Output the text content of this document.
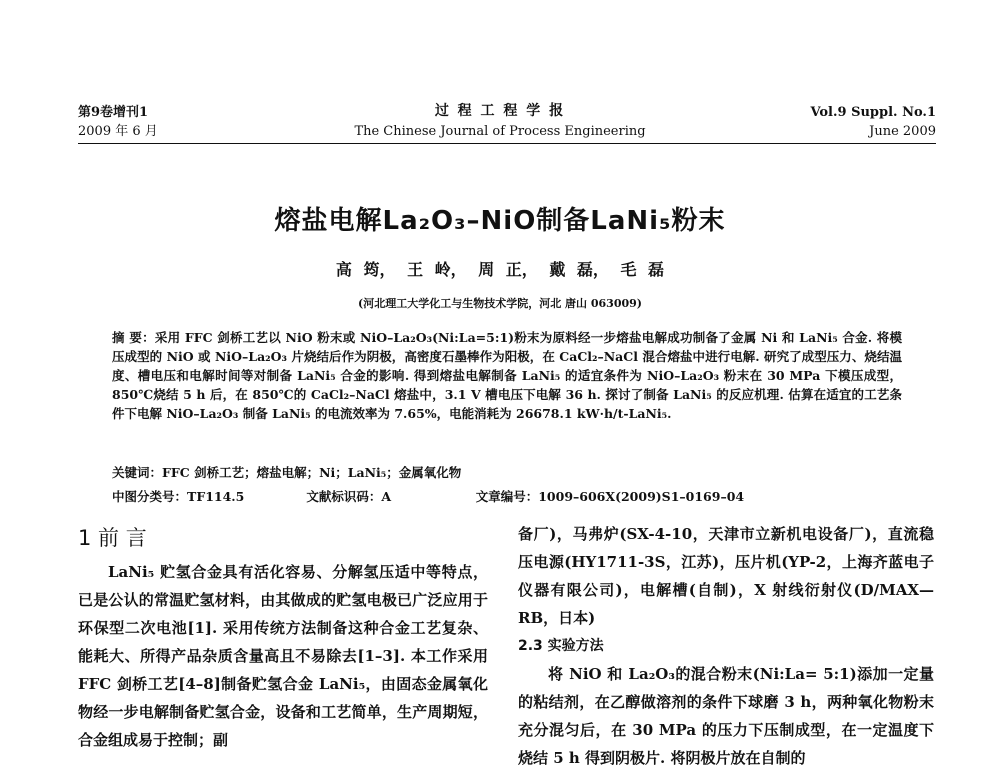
第9卷增刊1
2009 年 6 月
过 程 工 程 学 报
The Chinese Journal of Process Engineering
Vol.9 Suppl. No.1
June 2009
熔盐电解La₂O₃–NiO制备LaNi₅粉末
高 筠， 王 岭， 周 正， 戴 磊， 毛 磊
(河北理工大学化工与生物技术学院，河北 唐山 063009)
摘 要：采用 FFC 剑桥工艺以 NiO 粉末或 NiO–La₂O₃(Ni:La=5:1)粉末为原料经一步熔盐电解成功制备了金属 Ni 和 LaNi₅ 合金. 将模压成型的 NiO 或 NiO–La₂O₃ 片烧结后作为阴极，高密度石墨棒作为阳极，在 CaCl₂–NaCl 混合熔盐中进行电解. 研究了成型压力、烧结温度、槽电压和电解时间等对制备 LaNi₅ 合金的影响. 得到熔盐电解制备 LaNi₅ 的适宜条件为 NiO–La₂O₃ 粉末在 30 MPa 下模压成型，850℃烧结 5 h 后，在 850℃的 CaCl₂–NaCl 熔盐中，3.1 V 槽电压下电解 36 h. 探讨了制备 LaNi₅ 的反应机理. 估算在适宜的工艺条件下电解 NiO–La₂O₃ 制备 LaNi₅ 的电流效率为 7.65%，电能消耗为 26678.1 kW·h/t-LaNi₅.
关键词：FFC 剑桥工艺；熔盐电解；Ni；LaNi₅；金属氧化物
中图分类号：TF114.5	文献标识码：A	文章编号：1009–606X(2009)S1–0169–04
1 前 言

LaNi₅ 贮氢合金具有活化容易、分解氢压适中等特点，已是公认的常温贮氢材料，由其做成的贮氢电极已广泛应用于环保型二次电池[1]. 采用传统方法制备这种合金工艺复杂、能耗大、所得产品杂质含量高且不易除去[1–3]. 本工作采用 FFC 剑桥工艺[4–8]制备贮氢合金 LaNi₅，由固态金属氧化物经一步电解制备贮氢合金，设备和工艺简单，生产周期短，合金组成易于控制；副

备厂)，马弗炉(SX-4-10，天津市立新机电设备厂)，直流稳压电源(HY1711-3S，江苏)，压片机(YP-2，上海齐蓝电子仪器有限公司)，电解槽(自制)，X 射线衍射仪(D/MAX—RB，日本)

2.3 实验方法

将 NiO 和 La₂O₃的混合粉末(Ni:La= 5:1)添加一定量的粘结剂，在乙醇做溶剂的条件下球磨 3 h，两种氧化物粉末充分混匀后，在 30 MPa 的压力下压制成型，在一定温度下烧结 5 h 得到阴极片. 将阴极片放在自制的
